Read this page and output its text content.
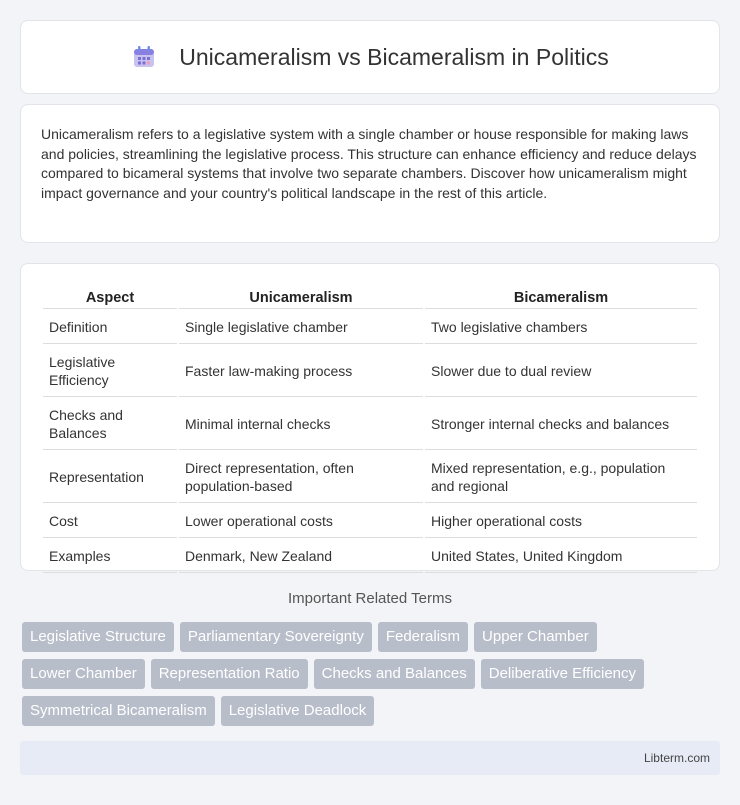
Unicameralism vs Bicameralism in Politics

Unicameralism refers to a legislative system with a single chamber or house responsible for making laws and policies, streamlining the legislative process. This structure can enhance efficiency and reduce delays compared to bicameral systems that involve two separate chambers. Discover how unicameralism might impact governance and your country's political landscape in the rest of this article.

Aspect	Unicameralism	Bicameralism
Definition	Single legislative chamber	Two legislative chambers
Legislative Efficiency	Faster law-making process	Slower due to dual review
Checks and Balances	Minimal internal checks	Stronger internal checks and balances
Representation	Direct representation, often population-based	Mixed representation, e.g., population and regional
Cost	Lower operational costs	Higher operational costs
Examples	Denmark, New Zealand	United States, United Kingdom
Important Related Terms
Legislative Structure	Parliamentary Sovereignty	Federalism	Upper Chamber
Lower Chamber	Representation Ratio	Checks and Balances	Deliberative Efficiency
Symmetrical Bicameralism	Legislative Deadlock
Libterm.com
